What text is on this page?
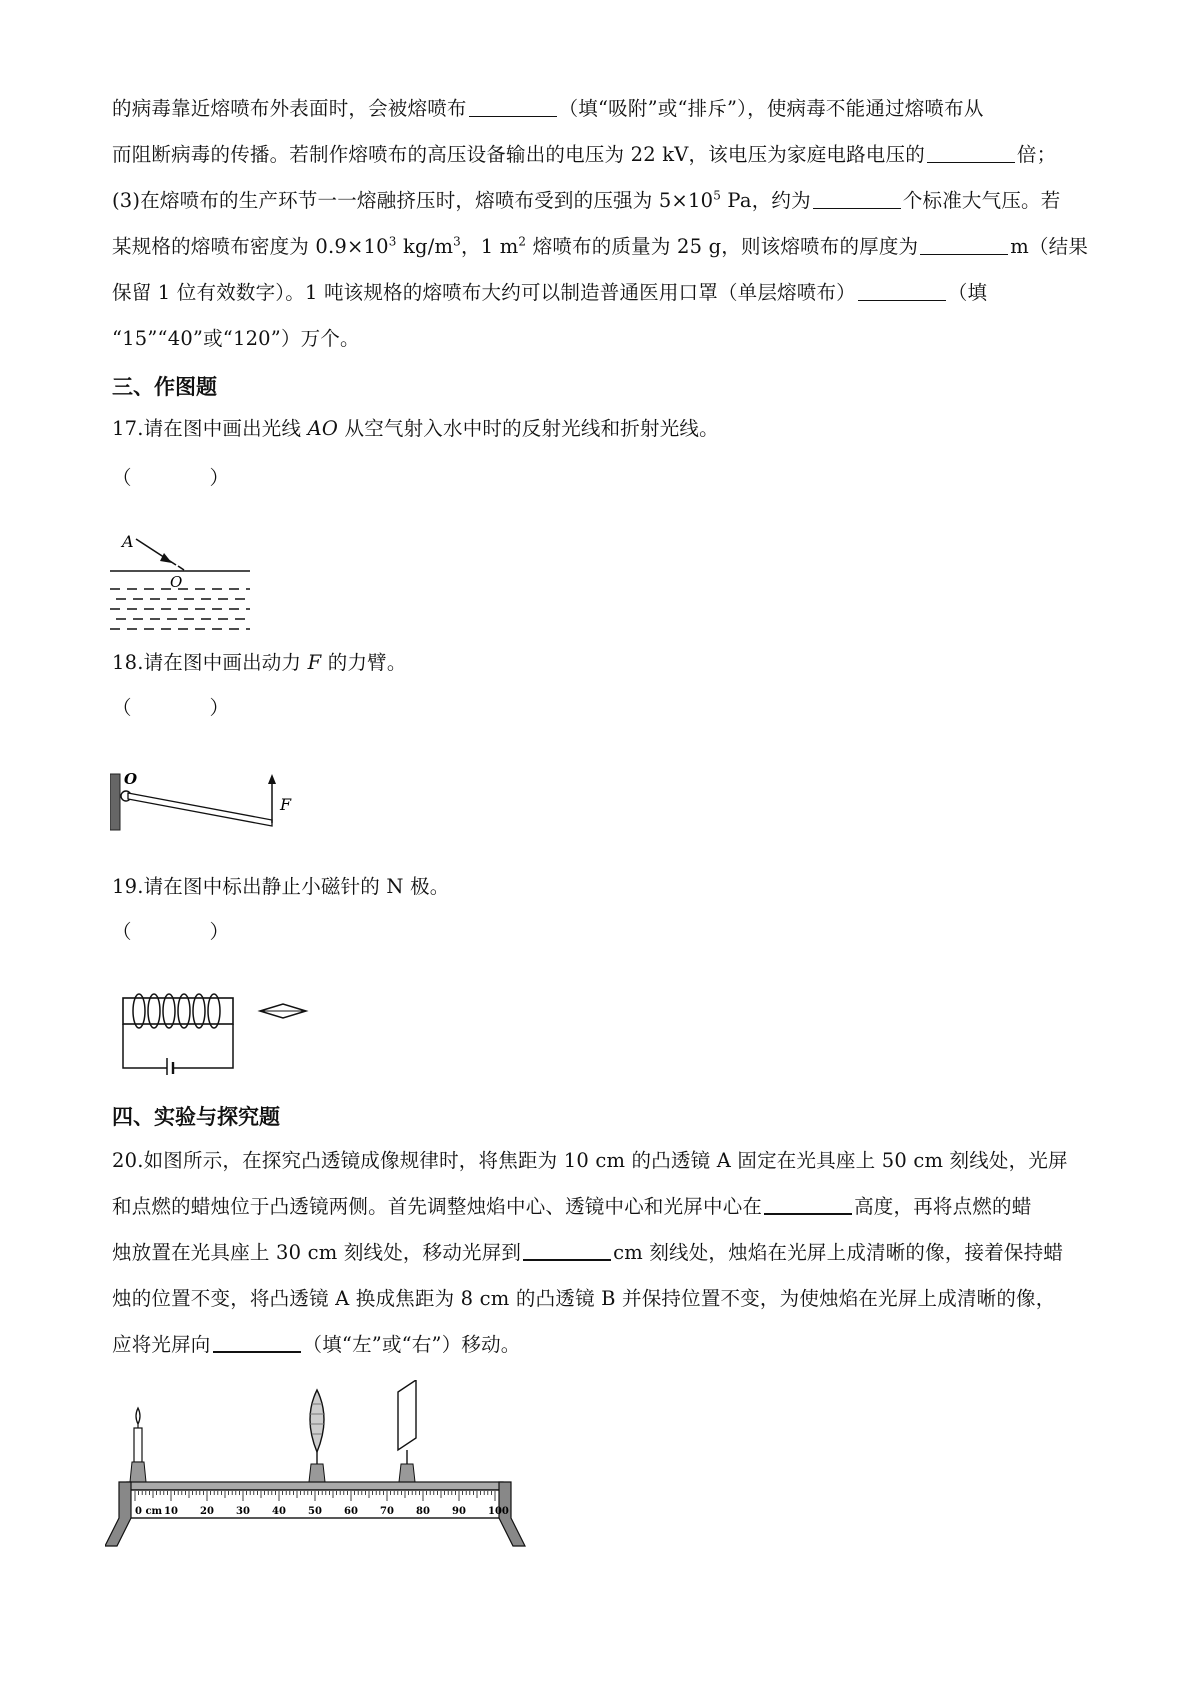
的病毒靠近熔喷布外表面时，会被熔喷布	（填“吸附”或“排斥”），使病毒不能通过熔喷布从

而阻断病毒的传播。若制作熔喷布的高压设备输出的电压为 22 kV，该电压为家庭电路电压的	倍；

(3)在熔喷布的生产环节一一熔融挤压时，熔喷布受到的压强为 $5\times 10^5$ Pa，约为	个标准大气压。若

某规格的熔喷布密度为 $0.9\times 10^3$ $kg/m^3$，1 $m^2$ 熔喷布的质量为 25 g，则该熔喷布的厚度为	m（结果

保留 1 位有效数字）。1 吨该规格的熔喷布大约可以制造普通医用口罩（单层熔喷布）	（填

“15”“40”或“120”）万个。

三、作图题

17.请在图中画出光线 AO 从空气射入水中时的反射光线和折射光线。

（　　　　）

A
O

18.请在图中画出动力 F 的力臂。

（　　　　）

O
F

19.请在图中标出静止小磁针的 N 极。

（　　　　）

四、实验与探究题

20.如图所示，在探究凸透镜成像规律时，将焦距为 10 cm 的凸透镜 A 固定在光具座上 50 cm 刻线处，光屏

和点燃的蜡烛位于凸透镜两侧。首先调整烛焰中心、透镜中心和光屏中心在	高度，再将点燃的蜡

烛放置在光具座上 30 cm 刻线处，移动光屏到	cm 刻线处，烛焰在光屏上成清晰的像，接着保持蜡

烛的位置不变，将凸透镜 A 换成焦距为 8 cm 的凸透镜 B 并保持位置不变，为使烛焰在光屏上成清晰的像，

应将光屏向	（填“左”或“右”）移动。

0 cm 10 20 30 40 50 60 70 80 90 100
